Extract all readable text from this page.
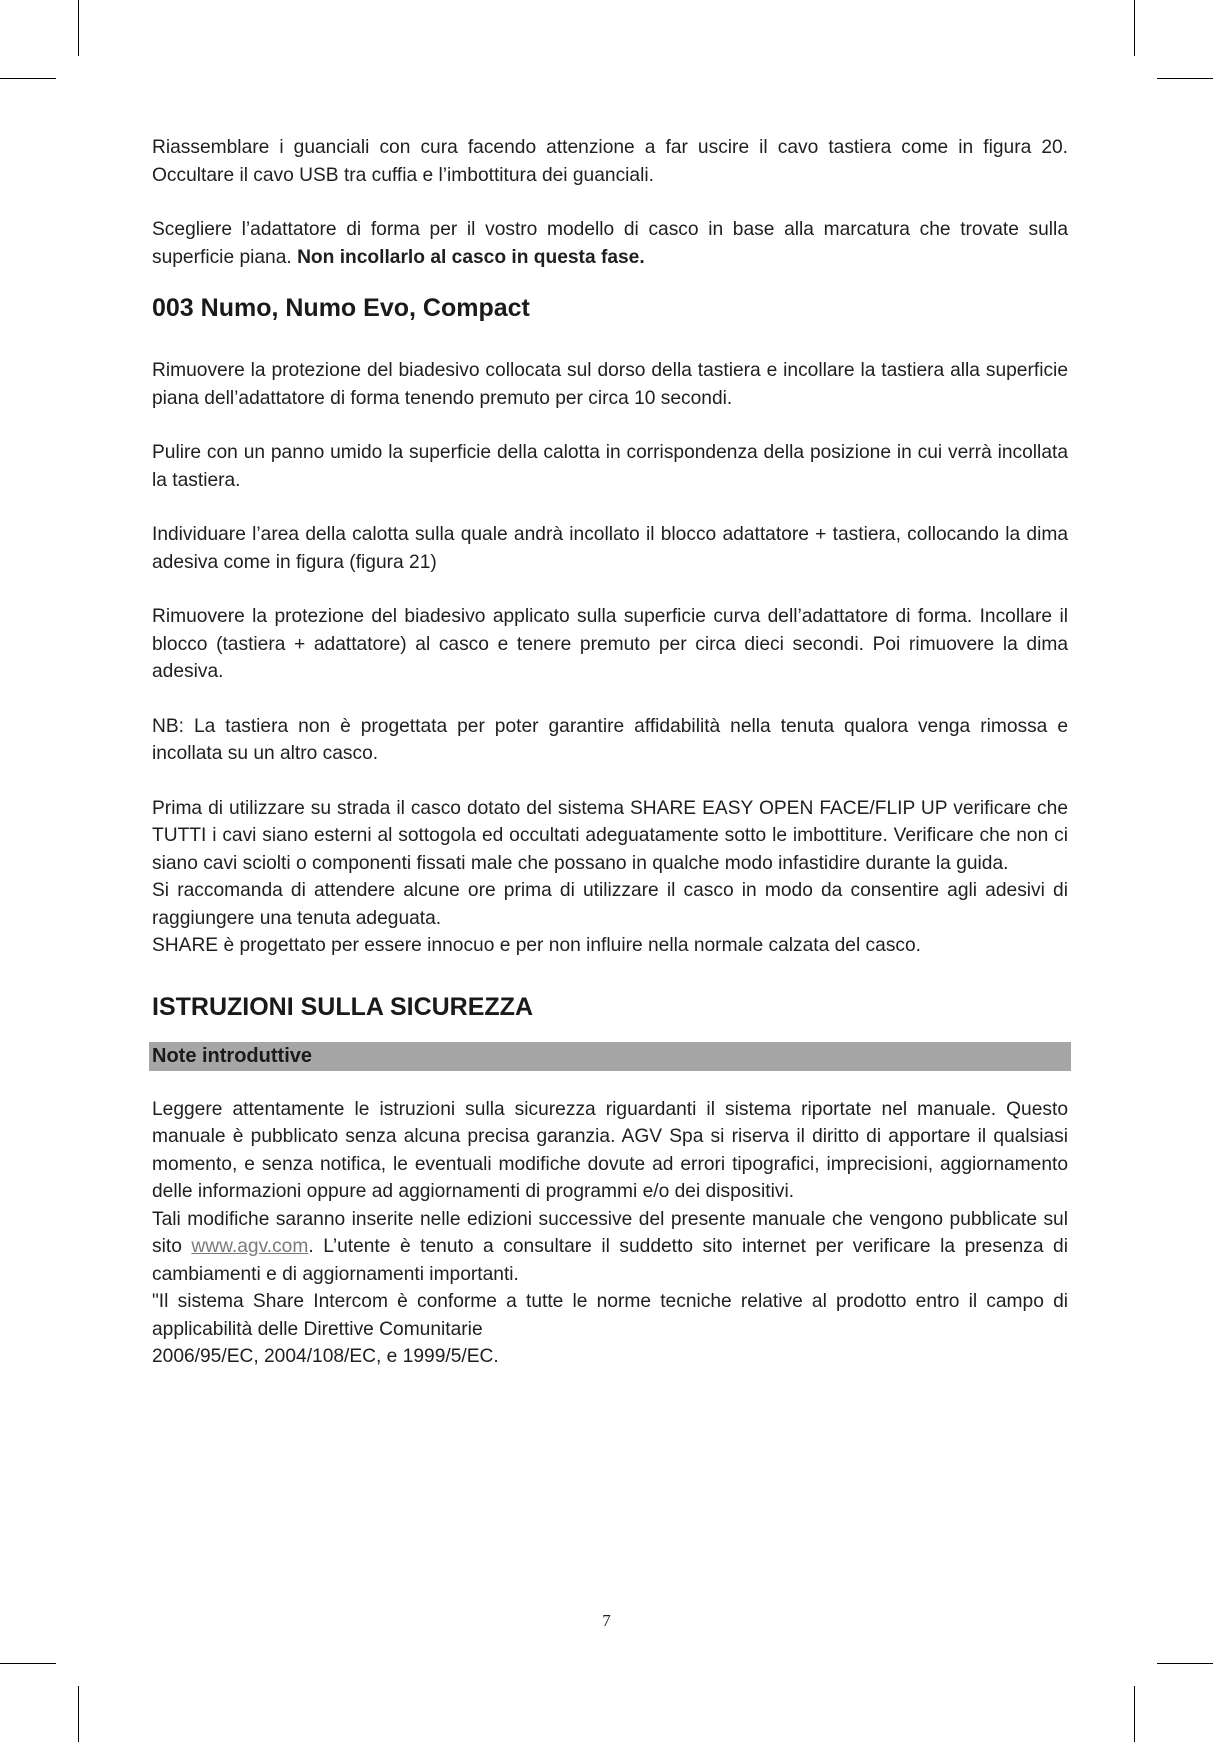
Riassemblare i guanciali con cura facendo attenzione a far uscire il cavo tastiera come in figura 20. Occultare il cavo USB tra cuffia e l’imbottitura dei guanciali.

Scegliere l’adattatore di forma per il vostro modello di casco in base alla marcatura che trovate sulla superficie piana. Non incollarlo al casco in questa fase.

003 Numo, Numo Evo, Compact

Rimuovere la protezione del biadesivo collocata sul dorso della tastiera e incollare la tastiera alla superficie piana dell’adattatore di forma tenendo premuto per circa 10 secondi.

Pulire con un panno umido la superficie della calotta in corrispondenza della posizione in cui verrà incollata la tastiera.

Individuare l’area della calotta sulla quale andrà incollato il blocco adattatore + tastiera, collocando la dima adesiva come in figura (figura 21)

Rimuovere la protezione del biadesivo applicato sulla superficie curva dell’adattatore di forma. Incollare il blocco (tastiera + adattatore) al casco e tenere premuto per circa dieci secondi. Poi rimuovere la dima adesiva.

NB: La tastiera non è progettata per poter garantire affidabilità nella tenuta qualora venga rimossa e incollata su un altro casco.

Prima di utilizzare su strada il casco dotato del sistema SHARE EASY OPEN FACE/FLIP UP verificare che TUTTI i cavi siano esterni al sottogola ed occultati adeguatamente sotto le imbottiture. Verificare che non ci siano cavi sciolti o componenti fissati male che possano in qualche modo infastidire durante la guida.

Si raccomanda di attendere alcune ore prima di utilizzare il casco in modo da consentire agli adesivi di raggiungere una tenuta adeguata.

SHARE è progettato per essere innocuo e per non influire nella normale calzata del casco.

ISTRUZIONI SULLA SICUREZZA
Note introduttive

Leggere attentamente le istruzioni sulla sicurezza riguardanti il sistema riportate nel manuale. Questo manuale è pubblicato senza alcuna precisa garanzia. AGV Spa si riserva il diritto di apportare il qualsiasi momento, e senza notifica, le eventuali modifiche dovute ad errori tipografici, imprecisioni, aggiornamento delle informazioni oppure ad aggiornamenti di programmi e/o dei dispositivi.

Tali modifiche saranno inserite nelle edizioni successive del presente manuale che vengono pubblicate sul sito www.agv.com. L’utente è tenuto a consultare il suddetto sito internet per verificare la presenza di cambiamenti e di aggiornamenti importanti.

"Il sistema Share Intercom è conforme a tutte le norme tecniche relative al prodotto entro il campo di applicabilità delle Direttive Comunitarie

2006/95/EC, 2004/108/EC, e 1999/5/EC.

7
